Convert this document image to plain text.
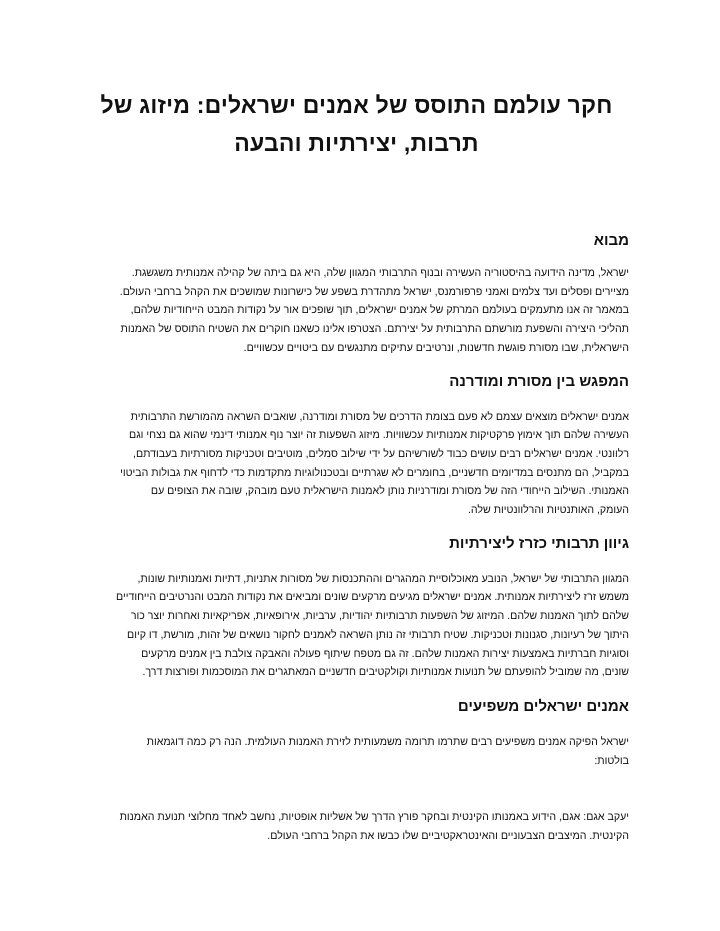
חקר עולמם התוסס של אמנים ישראלים: מיזוג של
תרבות, יצירתיות והבעה
מבוא

ישראל, מדינה הידועה בהיסטוריה העשירה ובנוף התרבותי המגוון שלה, היא גם ביתה של קהילה אמנותית משגשגת.
מציירים ופסלים ועד צלמים ואמני פרפורמנס, ישראל מתהדרת בשפע של כישרונות שמושכים את הקהל ברחבי העולם.
במאמר זה אנו מתעמקים בעולמם המרתק של אמנים ישראלים, תוך שופכים אור על נקודות המבט הייחודיות שלהם,
תהליכי היצירה והשפעת מורשתם התרבותית על יצירתם. הצטרפו אלינו כשאנו חוקרים את השטיח התוסס של האמנות
הישראלית, שבו מסורת פוגשת חדשנות, ונרטיבים עתיקים מתנגשים עם ביטויים עכשוויים.

המפגש בין מסורת ומודרנה

אמנים ישראלים מוצאים עצמם לא פעם בצומת הדרכים של מסורת ומודרנה, שואבים השראה מהמורשת התרבותית
העשירה שלהם תוך אימוץ פרקטיקות אמנותיות עכשוויות. מיזוג השפעות זה יוצר נוף אמנותי דינמי שהוא גם נצחי וגם
רלוונטי. אמנים ישראלים רבים עושים כבוד לשורשיהם על ידי שילוב סמלים, מוטיבים וטכניקות מסורתיות בעבודתם,
במקביל, הם מתנסים במדיומים חדשניים, בחומרים לא שגרתיים ובטכנולוגיות מתקדמות כדי לדחוף את גבולות הביטוי
האמנותי. השילוב הייחודי הזה של מסורת ומודרניות נותן לאמנות הישראלית טעם מובהק, שובה את הצופים עם
העומק, האותנטיות והרלוונטיות שלה.

גיוון תרבותי כזרז ליצירתיות

המגוון התרבותי של ישראל, הנובע מאוכלוסיית המהגרים וההתכנסות של מסורות אתניות, דתיות ואמנותיות שונות,
משמש זרז ליצירתיות אמנותית. אמנים ישראלים מגיעים מרקעים שונים ומביאים את נקודות המבט והנרטיבים הייחודיים
שלהם לתוך האמנות שלהם. המיזוג של השפעות תרבותיות יהודיות, ערביות, אירופאיות, אפריקאיות ואחרות יוצר כור
היתוך של רעיונות, סגנונות וטכניקות. שטיח תרבותי זה נותן השראה לאמנים לחקור נושאים של זהות, מורשת, דו קיום
וסוגיות חברתיות באמצעות יצירות האמנות שלהם. זה גם מטפח שיתוף פעולה והאבקה צולבת בין אמנים מרקעים
שונים, מה שמוביל להופעתם של תנועות אמנותיות וקולקטיבים חדשניים המאתגרים את המוסכמות ופורצות דרך.

אמנים ישראלים משפיעים

ישראל הפיקה אמנים משפיעים רבים שתרמו תרומה משמעותית לזירת האמנות העולמית. הנה רק כמה דוגמאות
בולטות:

יעקב אגם: אגם, הידוע באמנותו הקינטית ובחקר פורץ הדרך של אשליות אופטיות, נחשב לאחד מחלוצי תנועת האמנות
הקינטית. המיצבים הצבעוניים והאינטראקטיביים שלו כבשו את הקהל ברחבי העולם.
